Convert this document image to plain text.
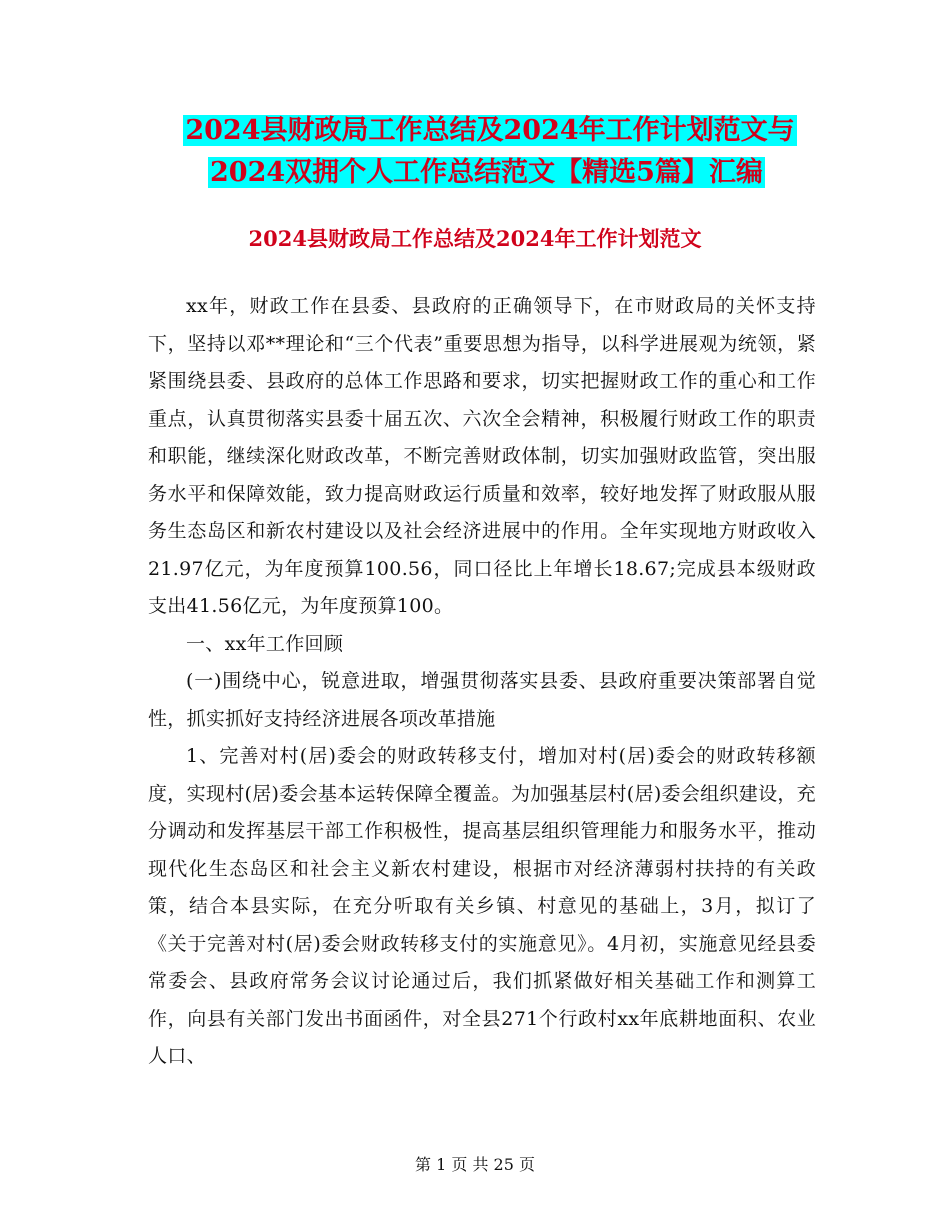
2024县财政局工作总结及2024年工作计划范文与
2024双拥个人工作总结范文【精选5篇】汇编
2024县财政局工作总结及2024年工作计划范文

xx年，财政工作在县委、县政府的正确领导下，在市财政局的关怀支持下，坚持以邓**理论和“三个代表”重要思想为指导，以科学进展观为统领，紧紧围绕县委、县政府的总体工作思路和要求，切实把握财政工作的重心和工作重点，认真贯彻落实县委十届五次、六次全会精神，积极履行财政工作的职责和职能，继续深化财政改革，不断完善财政体制，切实加强财政监管，突出服务水平和保障效能，致力提高财政运行质量和效率，较好地发挥了财政服从服务生态岛区和新农村建设以及社会经济进展中的作用。全年实现地方财政收入21.97亿元，为年度预算100.56，同口径比上年增长18.67;完成县本级财政支出41.56亿元，为年度预算100。

一、xx年工作回顾

(一)围绕中心，锐意进取，增强贯彻落实县委、县政府重要决策部署自觉性，抓实抓好支持经济进展各项改革措施

1、完善对村(居)委会的财政转移支付，增加对村(居)委会的财政转移额度，实现村(居)委会基本运转保障全覆盖。为加强基层村(居)委会组织建设，充分调动和发挥基层干部工作积极性，提高基层组织管理能力和服务水平，推动现代化生态岛区和社会主义新农村建设，根据市对经济薄弱村扶持的有关政策，结合本县实际，在充分听取有关乡镇、村意见的基础上，3月，拟订了《关于完善对村(居)委会财政转移支付的实施意见》。4月初，实施意见经县委常委会、县政府常务会议讨论通过后，我们抓紧做好相关基础工作和测算工作，向县有关部门发出书面函件，对全县271个行政村xx年底耕地面积、农业人口、

第 1 页 共 25 页
